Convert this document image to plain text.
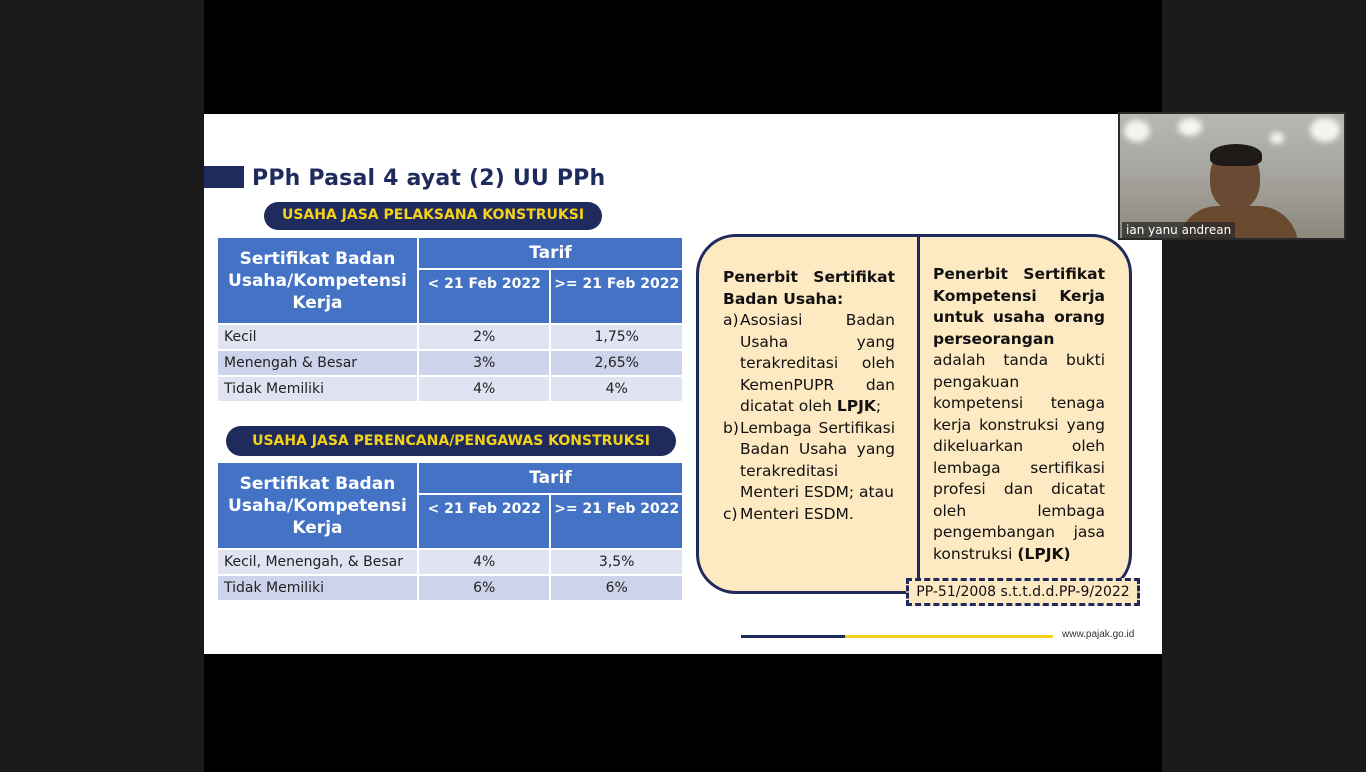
PPh Pasal 4 ayat (2) UU PPh
USAHA JASA PELAKSANA KONSTRUKSI
Sertifikat Badan Usaha/Kompetensi Kerja	Tarif	
	< 21 Feb 2022	>= 21 Feb 2022
Kecil	2%	1,75%
Menengah & Besar	3%	2,65%
Tidak Memiliki	4%	4%
USAHA JASA PERENCANA/PENGAWAS KONSTRUKSI
Sertifikat Badan Usaha/Kompetensi Kerja	Tarif	
	< 21 Feb 2022	>= 21 Feb 2022
Kecil, Menengah, & Besar	4%	3,5%
Tidak Memiliki	6%	6%
Penerbit Sertifikat Badan Usaha:
a) Asosiasi Badan Usaha yang terakreditasi oleh KemenPUPR dan dicatat oleh LPJK;
b) Lembaga Sertifikasi Badan Usaha yang terakreditasi Menteri ESDM; atau
c) Menteri ESDM.
Penerbit Sertifikat Kompetensi Kerja untuk usaha orang perseorangan adalah tanda bukti pengakuan kompetensi tenaga kerja konstruksi yang dikeluarkan oleh lembaga sertifikasi profesi dan dicatat oleh lembaga pengembangan jasa konstruksi (LPJK)
PP-51/2008 s.t.t.d.d.PP-9/2022
www.pajak.go.id
ian yanu andrean
